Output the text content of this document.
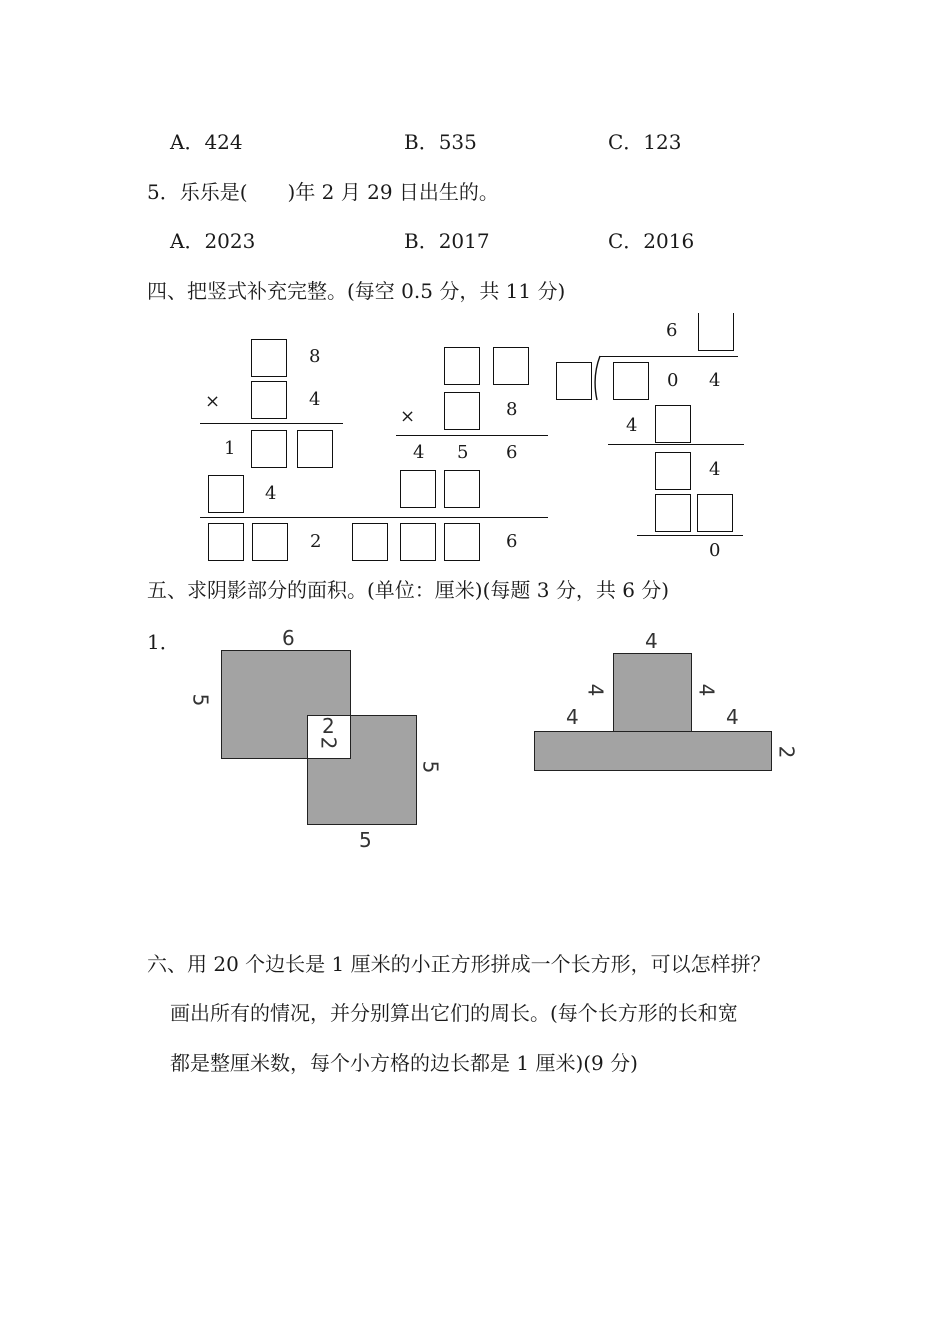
A．424	B．535	C．123
5．乐乐是(　　)年 2 月 29 日出生的。
A．2023	B．2017	C．2016
四、把竖式补充完整。(每空 0.5 分，共 11 分)
8
×	4
1
4
2
×	8
4 5 6
6
6
0 4
4
4
0
五、求阴影部分的面积。(单位：厘米)(每题 3 分，共 6 分)
1．	6
5
2
2
5
5
4
4	4
4	4
2
六、用 20 个边长是 1 厘米的小正方形拼成一个长方形，可以怎样拼？
画出所有的情况，并分别算出它们的周长。(每个长方形的长和宽
都是整厘米数，每个小方格的边长都是 1 厘米)(9 分)
